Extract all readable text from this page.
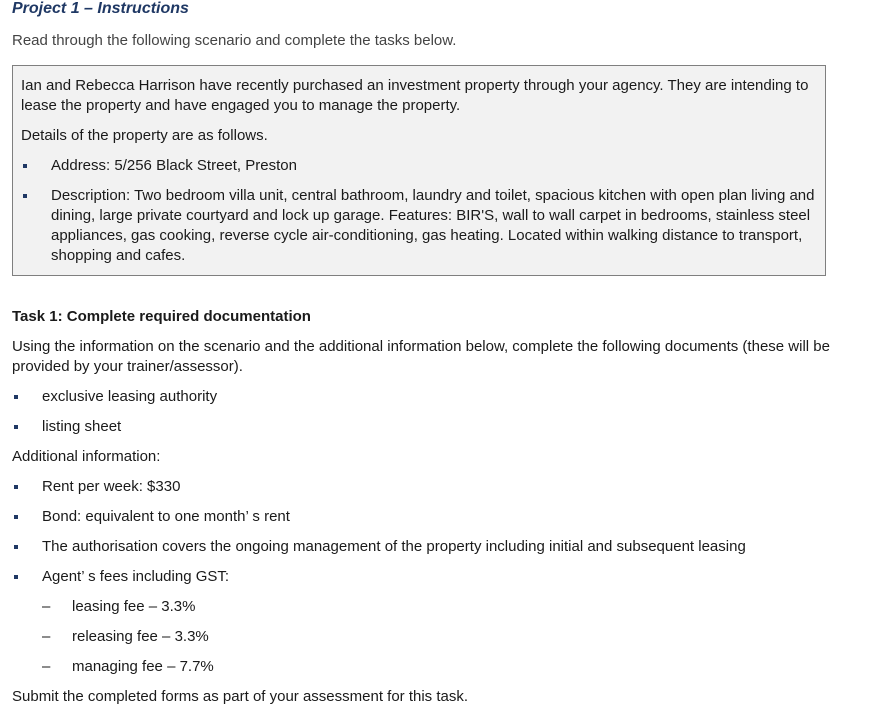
Project 1 – Instructions
Read through the following scenario and complete the tasks below.

Ian and Rebecca Harrison have recently purchased an investment property through your agency. They are intending to lease the property and have engaged you to manage the property.

Details of the property are as follows.

Address: 5/256 Black Street, Preston
Description: Two bedroom villa unit, central bathroom, laundry and toilet, spacious kitchen with open plan living and dining, large private courtyard and lock up garage. Features: BIR'S, wall to wall carpet in bedrooms, stainless steel appliances, gas cooking, reverse cycle air-conditioning, gas heating. Located within walking distance to transport, shopping and cafes.
Task 1: Complete required documentation
Using the information on the scenario and the additional information below, complete the following documents (these will be provided by your trainer/assessor).
exclusive leasing authority
listing sheet
Additional information:
Rent per week: $330
Bond: equivalent to one month’ s rent
The authorisation covers the ongoing management of the property including initial and subsequent leasing
Agent’ s fees including GST:
– leasing fee – 3.3%
– releasing fee – 3.3%
– managing fee – 7.7%
Submit the completed forms as part of your assessment for this task.
